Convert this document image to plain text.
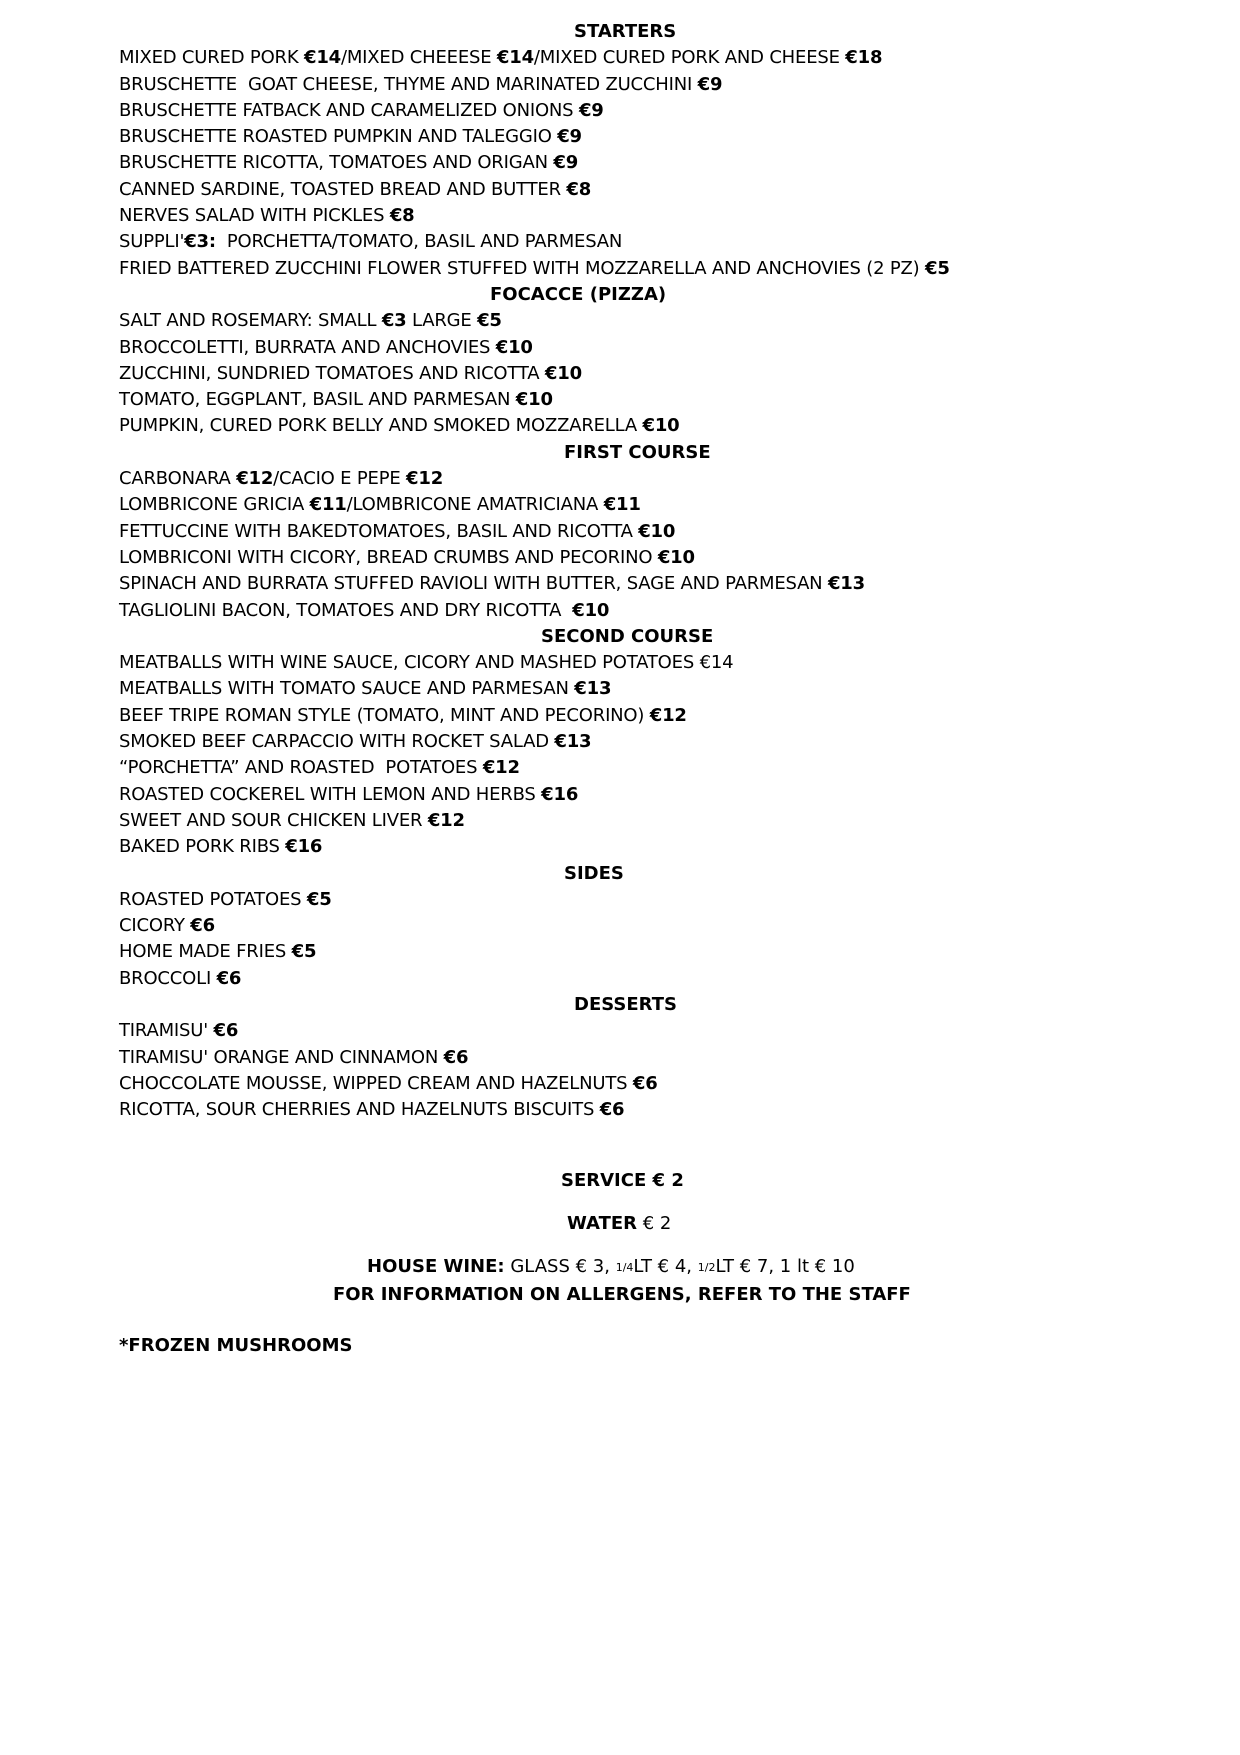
STARTERS
MIXED CURED PORK €14/MIXED CHEEESE €14/MIXED CURED PORK AND CHEESE €18
BRUSCHETTE  GOAT CHEESE, THYME AND MARINATED ZUCCHINI €9
BRUSCHETTE FATBACK AND CARAMELIZED ONIONS €9
BRUSCHETTE ROASTED PUMPKIN AND TALEGGIO €9
BRUSCHETTE RICOTTA, TOMATOES AND ORIGAN €9
CANNED SARDINE, TOASTED BREAD AND BUTTER €8
NERVES SALAD WITH PICKLES €8
SUPPLI'€3:  PORCHETTA/TOMATO, BASIL AND PARMESAN
FRIED BATTERED ZUCCHINI FLOWER STUFFED WITH MOZZARELLA AND ANCHOVIES (2 PZ) €5
FOCACCE (PIZZA)
SALT AND ROSEMARY: SMALL €3 LARGE €5
BROCCOLETTI, BURRATA AND ANCHOVIES €10
ZUCCHINI, SUNDRIED TOMATOES AND RICOTTA €10
TOMATO, EGGPLANT, BASIL AND PARMESAN €10
PUMPKIN, CURED PORK BELLY AND SMOKED MOZZARELLA €10
FIRST COURSE
CARBONARA €12/CACIO E PEPE €12
LOMBRICONE GRICIA €11/LOMBRICONE AMATRICIANA €11
FETTUCCINE WITH BAKEDTOMATOES, BASIL AND RICOTTA €10
LOMBRICONI WITH CICORY, BREAD CRUMBS AND PECORINO €10
SPINACH AND BURRATA STUFFED RAVIOLI WITH BUTTER, SAGE AND PARMESAN €13
TAGLIOLINI BACON, TOMATOES AND DRY RICOTTA  €10
SECOND COURSE
MEATBALLS WITH WINE SAUCE, CICORY AND MASHED POTATOES €14
MEATBALLS WITH TOMATO SAUCE AND PARMESAN €13
BEEF TRIPE ROMAN STYLE (TOMATO, MINT AND PECORINO) €12
SMOKED BEEF CARPACCIO WITH ROCKET SALAD €13
“PORCHETTA” AND ROASTED  POTATOES €12
ROASTED COCKEREL WITH LEMON AND HERBS €16
SWEET AND SOUR CHICKEN LIVER €12
BAKED PORK RIBS €16
SIDES
ROASTED POTATOES €5
CICORY €6
HOME MADE FRIES €5
BROCCOLI €6
DESSERTS
TIRAMISU' €6
TIRAMISU' ORANGE AND CINNAMON €6
CHOCCOLATE MOUSSE, WIPPED CREAM AND HAZELNUTS €6
RICOTTA, SOUR CHERRIES AND HAZELNUTS BISCUITS €6
SERVICE € 2
WATER € 2
HOUSE WINE: GLASS € 3, 1/4LT € 4, 1/2LT € 7, 1 lt € 10
FOR INFORMATION ON ALLERGENS, REFER TO THE STAFF
*FROZEN MUSHROOMS
